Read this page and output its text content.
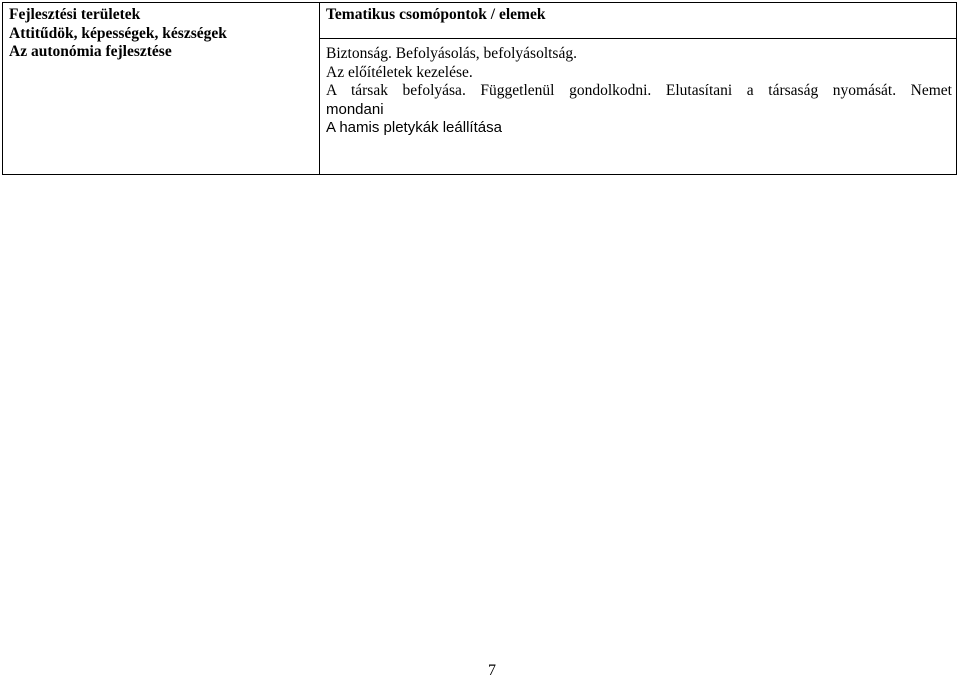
Fejlesztési területek
Attitűdök, képességek, készségek
Az autonómia fejlesztése
Tematikus csomópontok / elemek
Biztonság. Befolyásolás, befolyásoltság.
Az előítéletek kezelése.
A társak befolyása. Függetlenül gondolkodni. Elutasítani a társaság nyomását. Nemet
mondani
A hamis pletykák leállítása
7
